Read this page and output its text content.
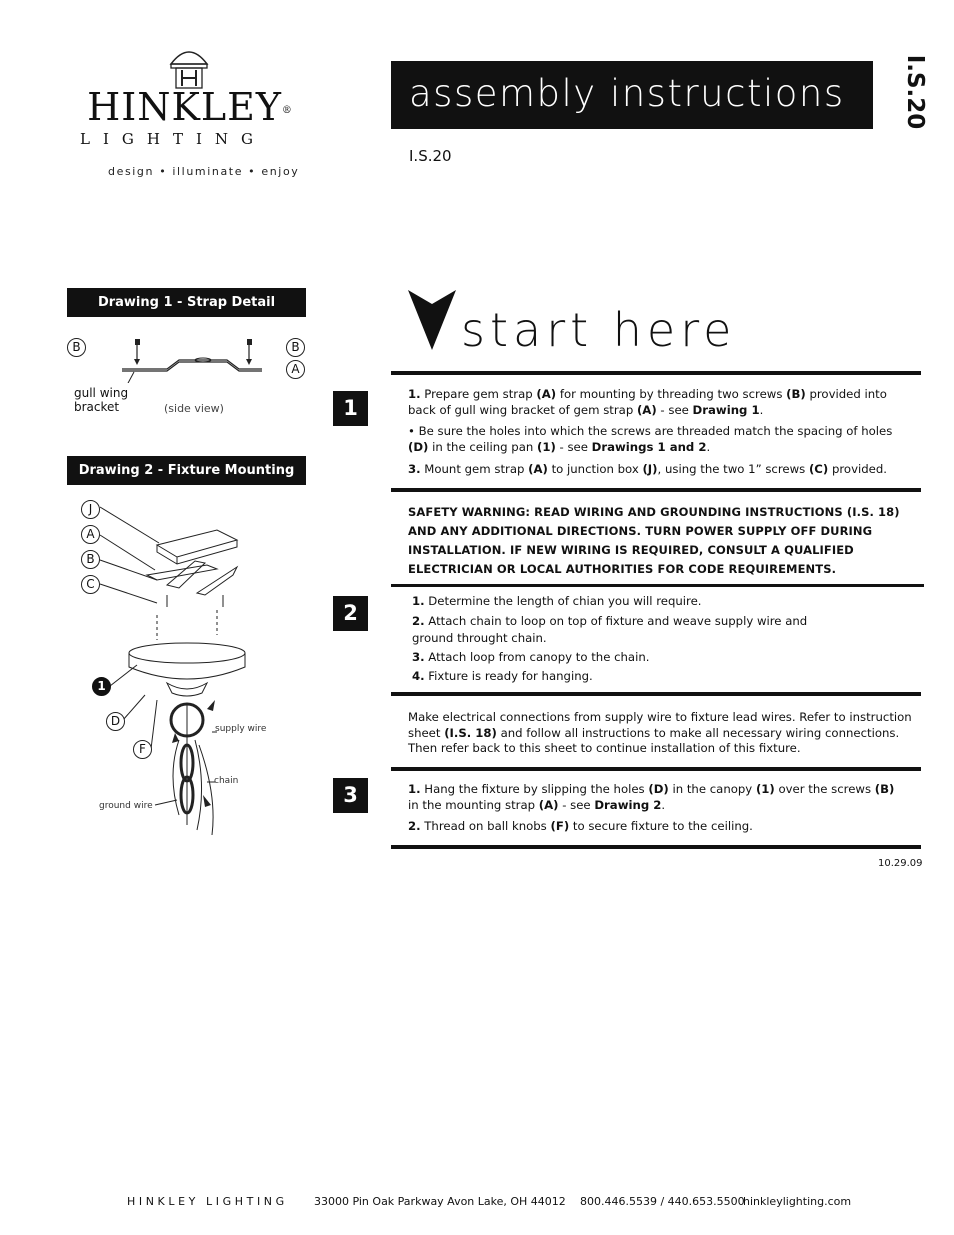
HINKLEY®
LIGHTING
design • illuminate • enjoy
assembly instructions I.S.20
I.S.20
Drawing 1 - Strap Detail
B	B
A
gull wing
bracket	(side view)
Drawing 2 - Fixture Mounting
J
A
B
C
1
D
F
supply wire
chain
ground wire
start here
1
1. Prepare gem strap (A) for mounting by threading two screws (B) provided into back of gull wing bracket of gem strap (A) - see Drawing 1.
• Be sure the holes into which the screws are threaded match the spacing of holes (D) in the ceiling pan (1) - see Drawings 1 and 2.
3. Mount gem strap (A) to junction box (J), using the two 1” screws (C) provided.
SAFETY WARNING: READ WIRING AND GROUNDING INSTRUCTIONS (I.S. 18) AND ANY ADDITIONAL DIRECTIONS. TURN POWER SUPPLY OFF DURING INSTALLATION. IF NEW WIRING IS REQUIRED, CONSULT A QUALIFIED ELECTRICIAN OR LOCAL AUTHORITIES FOR CODE REQUIREMENTS.
2	1. Determine the length of chian you will require.
2. Attach chain to loop on top of fixture and weave supply wire and ground throught chain.
3. Attach loop from canopy to the chain.
4. Fixture is ready for hanging.
Make electrical connections from supply wire to fixture lead wires. Refer to instruction sheet (I.S. 18) and follow all instructions to make all necessary wiring connections. Then refer back to this sheet to continue installation of this fixture.
3	1. Hang the fixture by slipping the holes (D) in the canopy (1) over the screws (B) in the mounting strap (A) - see Drawing 2.
2. Thread on ball knobs (F) to secure fixture to the ceiling.
10.29.09
HINKLEY LIGHTING 33000 Pin Oak Parkway Avon Lake, OH 44012 800.446.5539 / 440.653.5500
hinkleylighting.com
